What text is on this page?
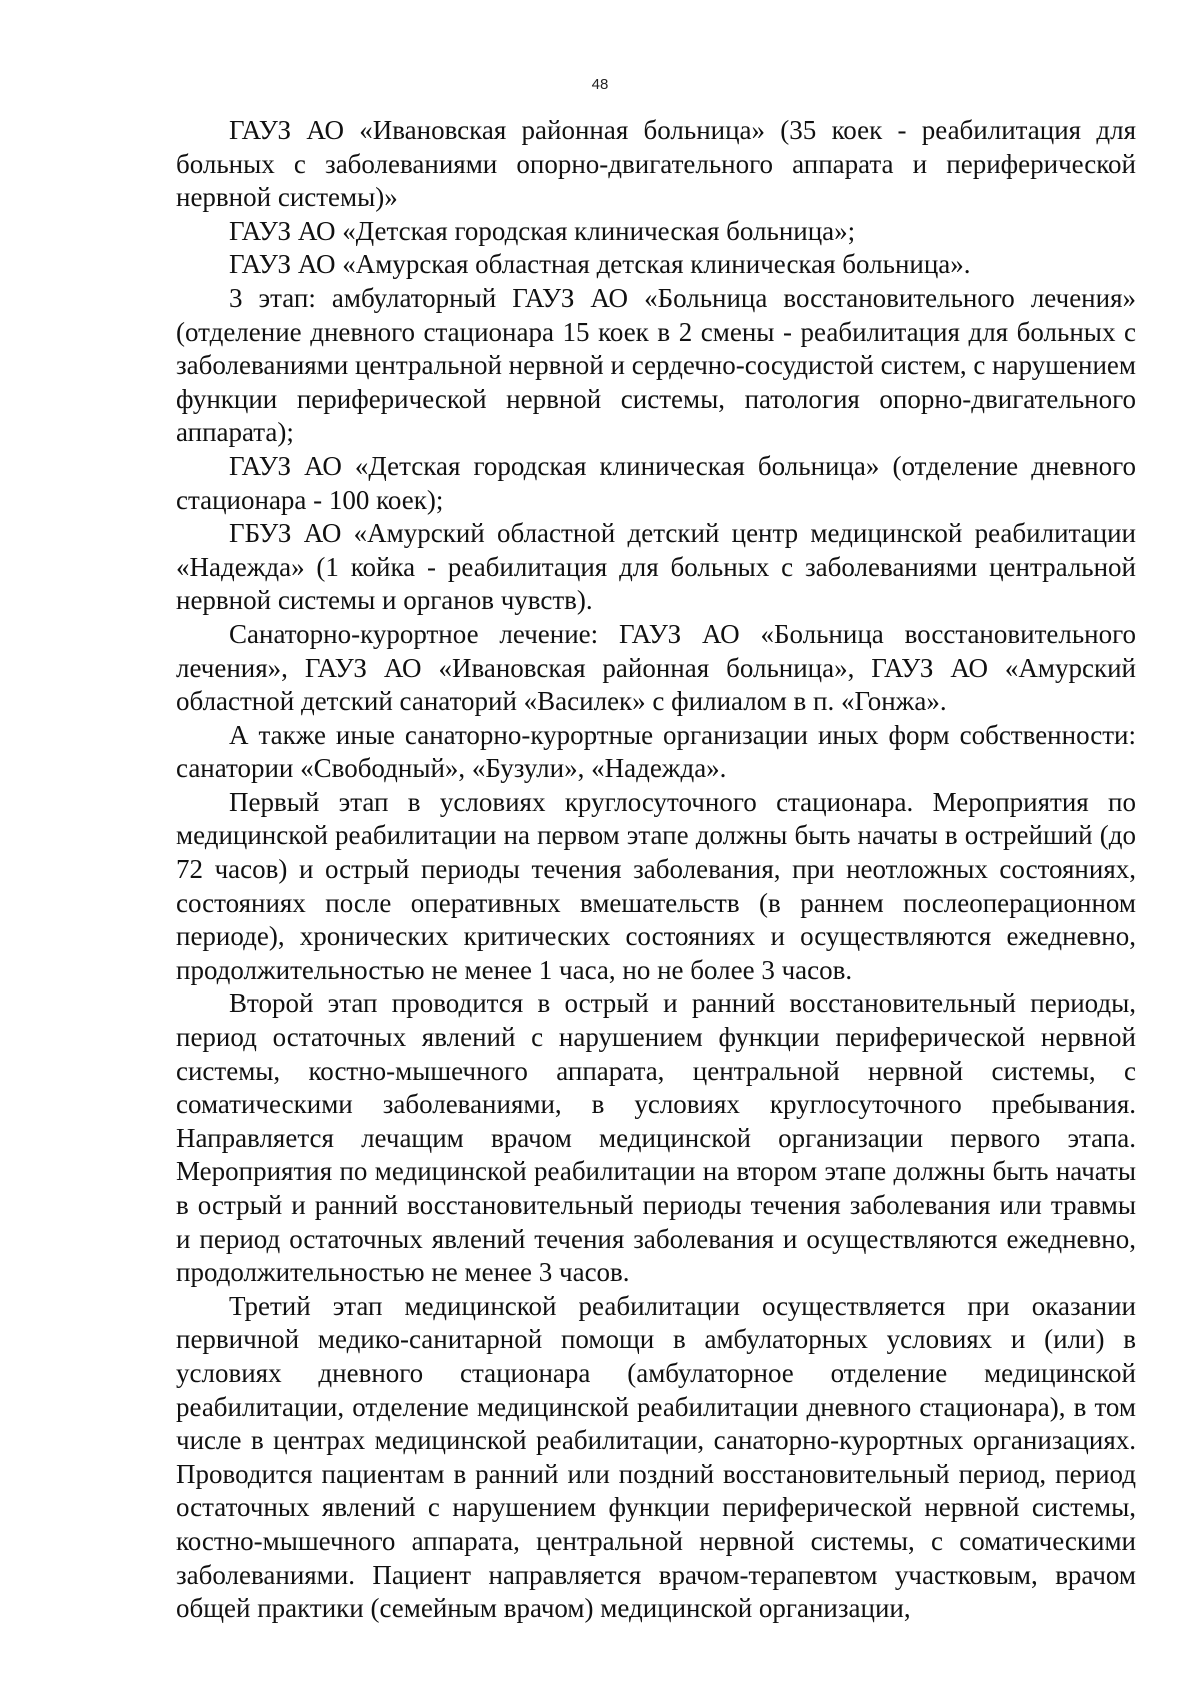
48

ГАУЗ АО «Ивановская районная больница» (35 коек - реабилитация для больных с заболеваниями опорно-двигательного аппарата и периферической нервной системы)»

ГАУЗ АО «Детская городская клиническая больница»;

ГАУЗ АО «Амурская областная детская клиническая больница».

3 этап: амбулаторный ГАУЗ АО «Больница восстановительного лечения» (отделение дневного стационара 15 коек в 2 смены - реабилитация для больных с заболеваниями центральной нервной и сердечно-сосудистой систем, с нарушением функции периферической нервной системы, патология опорно-двигательного аппарата);

ГАУЗ АО «Детская городская клиническая больница» (отделение дневного стационара - 100 коек);

ГБУЗ АО «Амурский областной детский центр медицинской реабилитации «Надежда» (1 койка - реабилитация для больных с заболеваниями центральной нервной системы и органов чувств).

Санаторно-курортное лечение: ГАУЗ АО «Больница восстановительного лечения», ГАУЗ АО «Ивановская районная больница», ГАУЗ АО «Амурский областной детский санаторий «Василек» с филиалом в п. «Гонжа».

А также иные санаторно-курортные организации иных форм собственности: санатории «Свободный», «Бузули», «Надежда».

Первый этап в условиях круглосуточного стационара. Мероприятия по медицинской реабилитации на первом этапе должны быть начаты в острейший (до 72 часов) и острый периоды течения заболевания, при неотложных состояниях, состояниях после оперативных вмешательств (в раннем послеоперационном периоде), хронических критических состояниях и осуществляются ежедневно, продолжительностью не менее 1 часа, но не более 3 часов.

Второй этап проводится в острый и ранний восстановительный периоды, период остаточных явлений с нарушением функции периферической нервной системы, костно-мышечного аппарата, центральной нервной системы, с соматическими заболеваниями, в условиях круглосуточного пребывания. Направляется лечащим врачом медицинской организации первого этапа. Мероприятия по медицинской реабилитации на втором этапе должны быть начаты в острый и ранний восстановительный периоды течения заболевания или травмы и период остаточных явлений течения заболевания и осуществляются ежедневно, продолжительностью не менее 3 часов.

Третий этап медицинской реабилитации осуществляется при оказании первичной медико-санитарной помощи в амбулаторных условиях и (или) в условиях дневного стационара (амбулаторное отделение медицинской реабилитации, отделение медицинской реабилитации дневного стационара), в том числе в центрах медицинской реабилитации, санаторно-курортных организациях. Проводится пациентам в ранний или поздний восстановительный период, период остаточных явлений с нарушением функции периферической нервной системы, костно-мышечного аппарата, центральной нервной системы, с соматическими заболеваниями. Пациент направляется врачом-терапевтом участковым, врачом общей практики (семейным врачом) медицинской организации,
